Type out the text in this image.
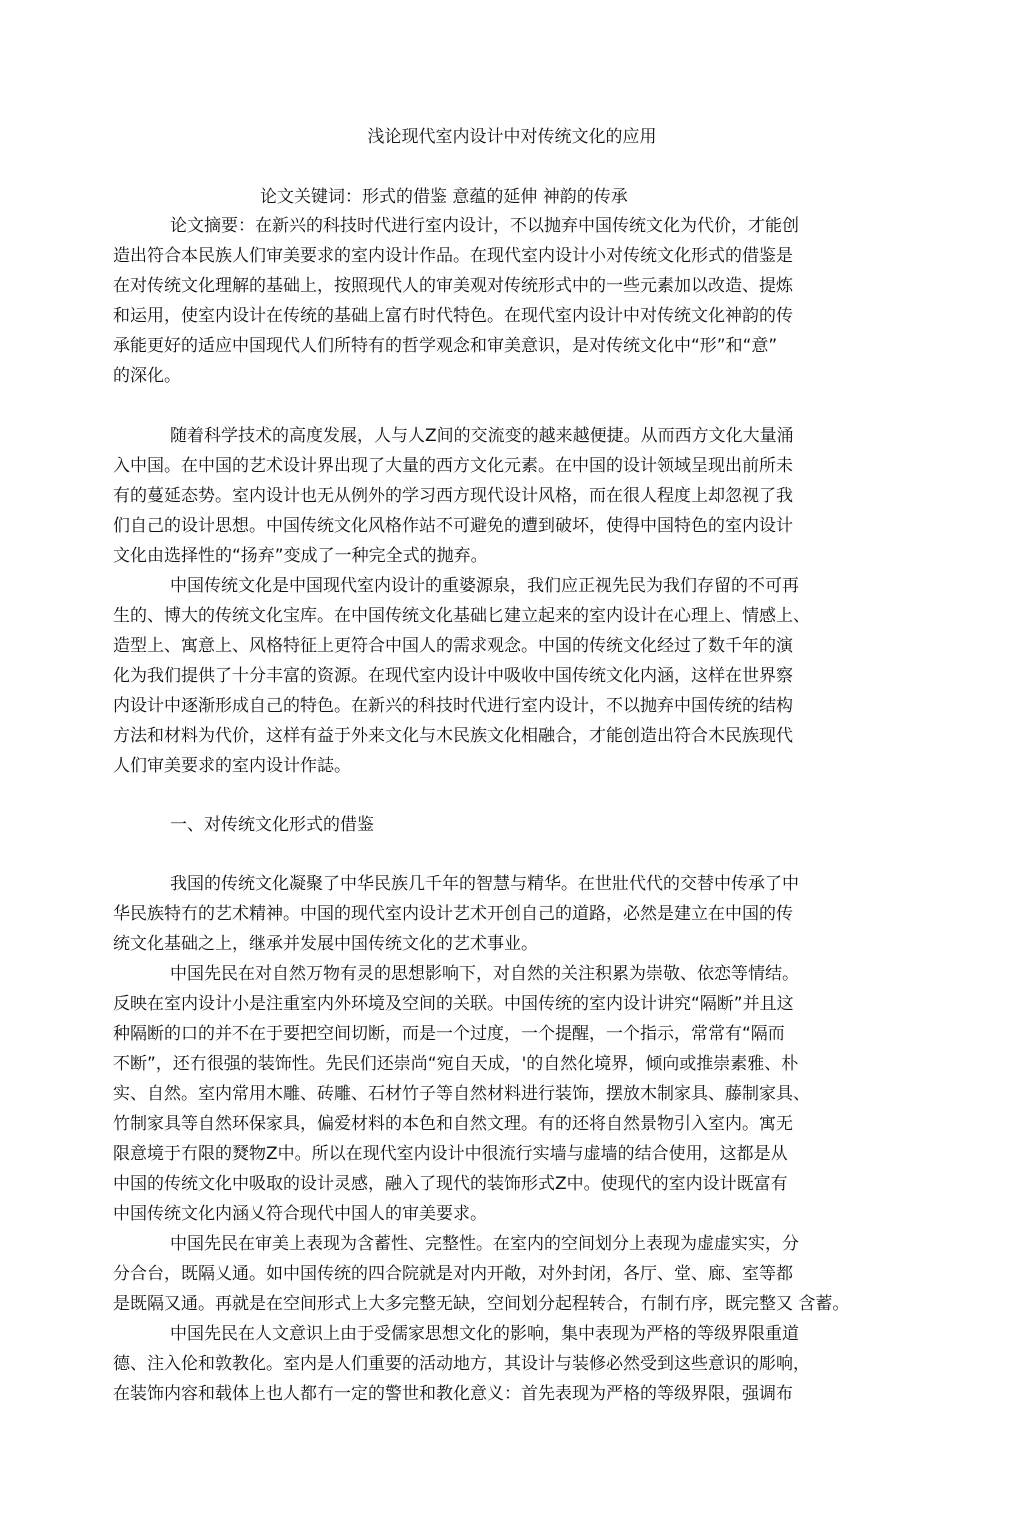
浅论现代室内设计中对传统文化的应用
论文关键词：形式的借鉴 意蕴的延伸 神韵的传承
论文摘要：在新兴的科技时代进行室内设计，不以抛弃中国传统文化为代价，才能创
造出符合本民族人们审美要求的室内设计作品。在现代室内设计小对传统文化形式的借鉴是
在对传统文化理解的基础上，按照现代人的审美观对传统形式中的一些元素加以改造、提炼
和运用，使室内设计在传统的基础上富冇时代特色。在现代室内设计中对传统文化神韵的传
承能更好的适应中国现代人们所特有的哲学观念和审美意识，是对传统文化中“形”和“意”
的深化。
随着科学技术的高度发展，人与人Z间的交流变的越来越便捷。从而西方文化大量涌
入中国。在中国的艺术设计界出现了大量的西方文化元素。在中国的设计领域呈现出前所未
有的蔓延态势。室内设计也无从例外的学习西方现代设计风格，而在很人程度上却忽视了我
们自己的设计思想。中国传统文化风格作站不可避免的遭到破坏，使得中国特色的室内设计
文化由选择性的“扬弃”变成了一种完全式的抛弃。
中国传统文化是中国现代室内设计的重婆源泉，我们应正视先民为我们存留的不可再
生的、博大的传统文化宝库。在中国传统文化基础匕建立起来的室内设计在心理上、情感上、
造型上、寓意上、风格特征上更符合中国人的需求观念。中国的传统文化经过了数千年的演
化为我们提供了十分丰富的资源。在现代室内设计中吸收中国传统文化内涵，这样在世界察
内设计中逐渐形成自己的特色。在新兴的科技时代进行室内设计，不以抛弃中国传统的结构
方法和材料为代价，这样有益于外来文化与木民族文化相融合，才能创造出符合木民族现代
人们审美要求的室内设计作誌。
一、对传统文化形式的借鉴
我国的传统文化凝聚了中华民族几千年的智慧与精华。在世壯代代的交替中传承了中
华民族特冇的艺术精神。中国的现代室内设计艺术开创自己的道路，必然是建立在中国的传
统文化基础之上，继承并发展中国传统文化的艺术事业。
中国先民在对自然万物有灵的思想影响下，对自然的关注积累为崇敬、依恋等情结。
反映在室内设计小是注重室内外环境及空间的关联。中国传统的室内设计讲究“隔断”并且这
种隔断的口的并不在于要把空间切断，而是一个过度，一个提醒，一个指示，常常有“隔而
不断”，还冇很强的装饰性。先民们还崇尚“宛自天成，'的自然化境界，倾向或推崇素雅、朴
实、自然。室内常用木雕、砖雕、石材竹子等自然材料进行装饰，摆放木制家具、藤制家具、
竹制家具等自然环保家具，偏爱材料的本色和自然文理。有的还将自然景物引入室内。寓无
限意境于冇限的燹物Z中。所以在现代室内设计中很流行实墙与虚墙的结合使用，这都是从
中国的传统文化中吸取的设计灵感，融入了现代的装饰形式Z中。使现代的室内设计既富有
中国传统文化内涵乂符合现代中国人的审美要求。
中国先民在审美上表现为含蓄性、完整性。在室内的空间划分上表现为虚虚实实，分
分合台，既隔乂通。如中国传统的四合院就是对内开敞，对外封闭，各厅、堂、廊、室等都
是既隔又通。再就是在空间形式上大多完整无缺，空间划分起程转合，冇制冇序，既完整又 含蓄。
中国先民在人文意识上由于受儒家思想文化的影响，集中表现为严格的等级界限重道
德、注入伦和敦教化。室内是人们重要的活动地方，其设计与装修必然受到这些意识的彫响，
在装饰内容和载体上也人都冇一定的警世和教化意义：首先表现为严格的等级界限，强调布
